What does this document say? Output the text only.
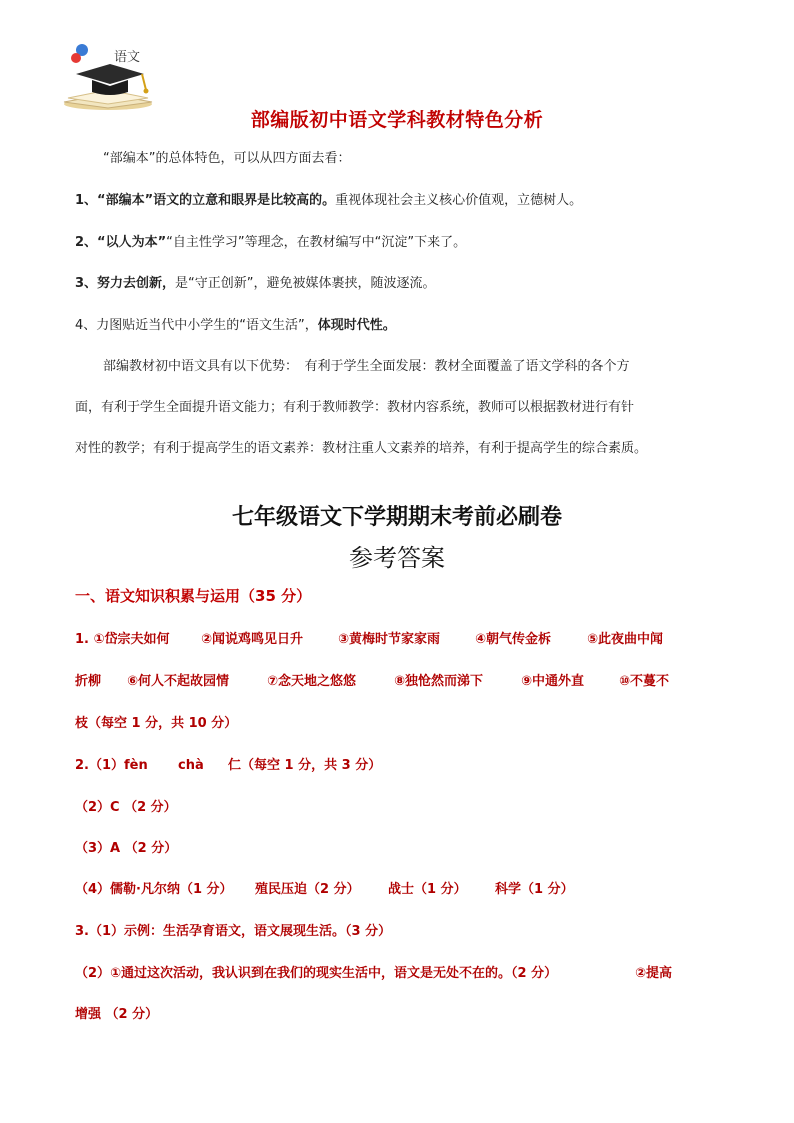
语文
部编版初中语文学科教材特色分析
“部编本”的总体特色，可以从四方面去看：
1、“部编本”语文的立意和眼界是比较高的。重视体现社会主义核心价值观，立德树人。
2、“以人为本”“自主性学习”等理念，在教材编写中“沉淀”下来了。
3、努力去创新，是“守正创新”，避免被媒体裹挟，随波逐流。
4、力图贴近当代中小学生的“语文生活”，体现时代性。
部编教材初中语文具有以下优势：　有利于学生全面发展：教材全面覆盖了语文学科的各个方
面，有利于学生全面提升语文能力；有利于教师教学：教材内容系统，教师可以根据教材进行有针
对性的教学；有利于提高学生的语文素养：教材注重人文素养的培养，有利于提高学生的综合素质。
七年级语文下学期期末考前必刷卷
参考答案
一、语文知识积累与运用（35 分）
1. ①岱宗夫如何 ②闻说鸡鸣见日升	③黄梅时节家家雨	④朝气传金柝	⑤此夜曲中闻
折柳 ⑥何人不起故园情	⑦念天地之悠悠	⑧独怆然而涕下	⑨中通外直	⑩不蔓不
枝（每空 1 分，共 10 分）
2.（1）fèn chà 仁（每空 1 分，共 3 分）
（2）C （2 分）
（3）A （2 分）
（4）儒勒·凡尔纳（1 分） 殖民压迫（2 分） 战士（1 分） 科学（1 分）
3.（1）示例：生活孕育语文，语文展现生活。（3 分）
（2）①通过这次活动，我认识到在我们的现实生活中，语文是无处不在的。（2 分）	②提高
增强 （2 分）
